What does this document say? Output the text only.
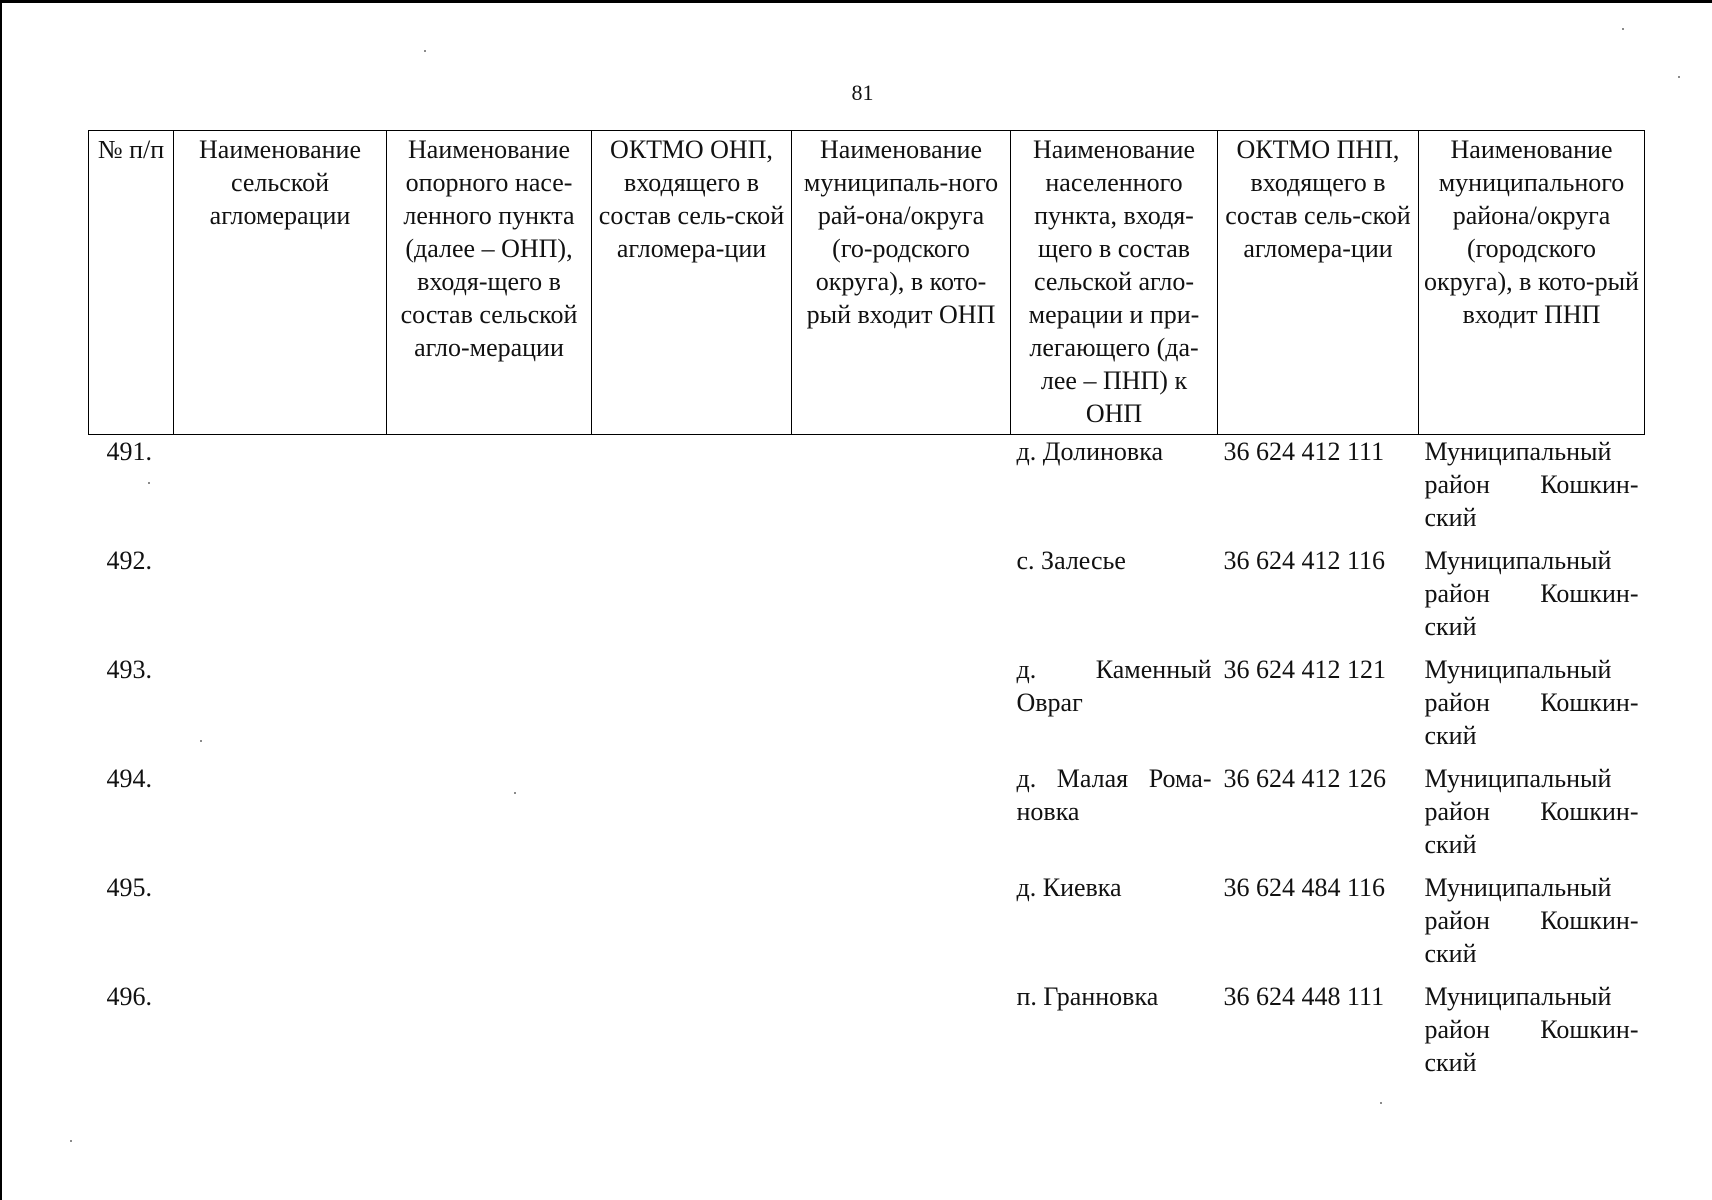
81
№ п/п	Наименование сельской агломерации	Наименование опорного насе-ленного пункта (далее – ОНП), входя-щего в состав сельской агло-мерации	ОКТМО ОНП, входящего в состав сель-ской агломера-ции	Наименование муниципаль-ного рай-она/округа (го-родского округа), в кото-рый входит ОНП	Наименование населенного пункта, входя-щего в состав сельской агло-мерации и при-легающего (да-лее – ПНП) к ОНП	ОКТМО ПНП, входящего в состав сель-ской агломера-ции	Наименование муниципального района/округа (городского округа), в кото-рый входит ПНП
491.					д. Долиновка	36 624 412 111	Муниципальный район Кошкин-ский
492.					с. Залесье	36 624 412 116	Муниципальный район Кошкин-ский
493.					д. Каменный Овраг	36 624 412 121	Муниципальный район Кошкин-ский
494.					д. Малая Рома-новка	36 624 412 126	Муниципальный район Кошкин-ский
495.					д. Киевка	36 624 484 116	Муниципальный район Кошкин-ский
496.					п. Гранновка	36 624 448 111	Муниципальный район Кошкин-ский
